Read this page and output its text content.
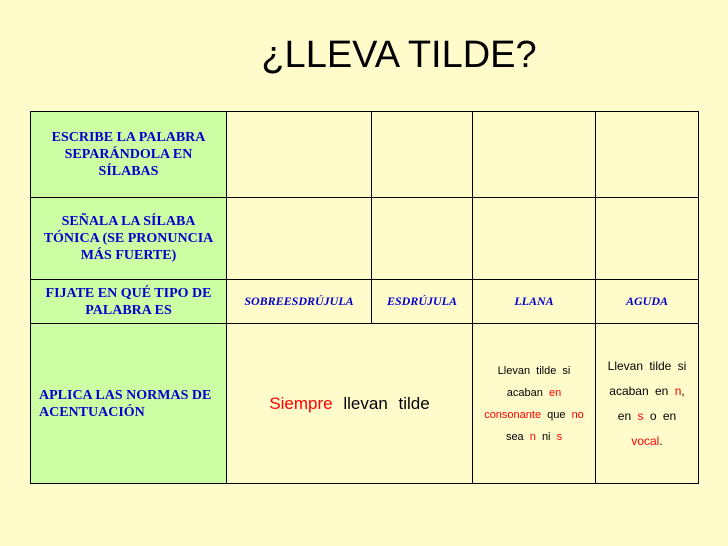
¿LLEVA TILDE?
ESCRIBE LA PALABRA SEPARÁNDOLA EN SÍLABAS				
SEÑALA LA SÍLABA TÓNICA (SE PRONUNCIA MÁS FUERTE)				
FIJATE EN QUÉ TIPO DE PALABRA ES	SOBREESDRÚJULA	ESDRÚJULA	LLANA	AGUDA
APLICA LAS NORMAS DE ACENTUACIÓN	Siempre llevan tilde		Llevan tilde si acaban en consonante que no sea n ni s	Llevan tilde si acaban en n, en s o en vocal.
